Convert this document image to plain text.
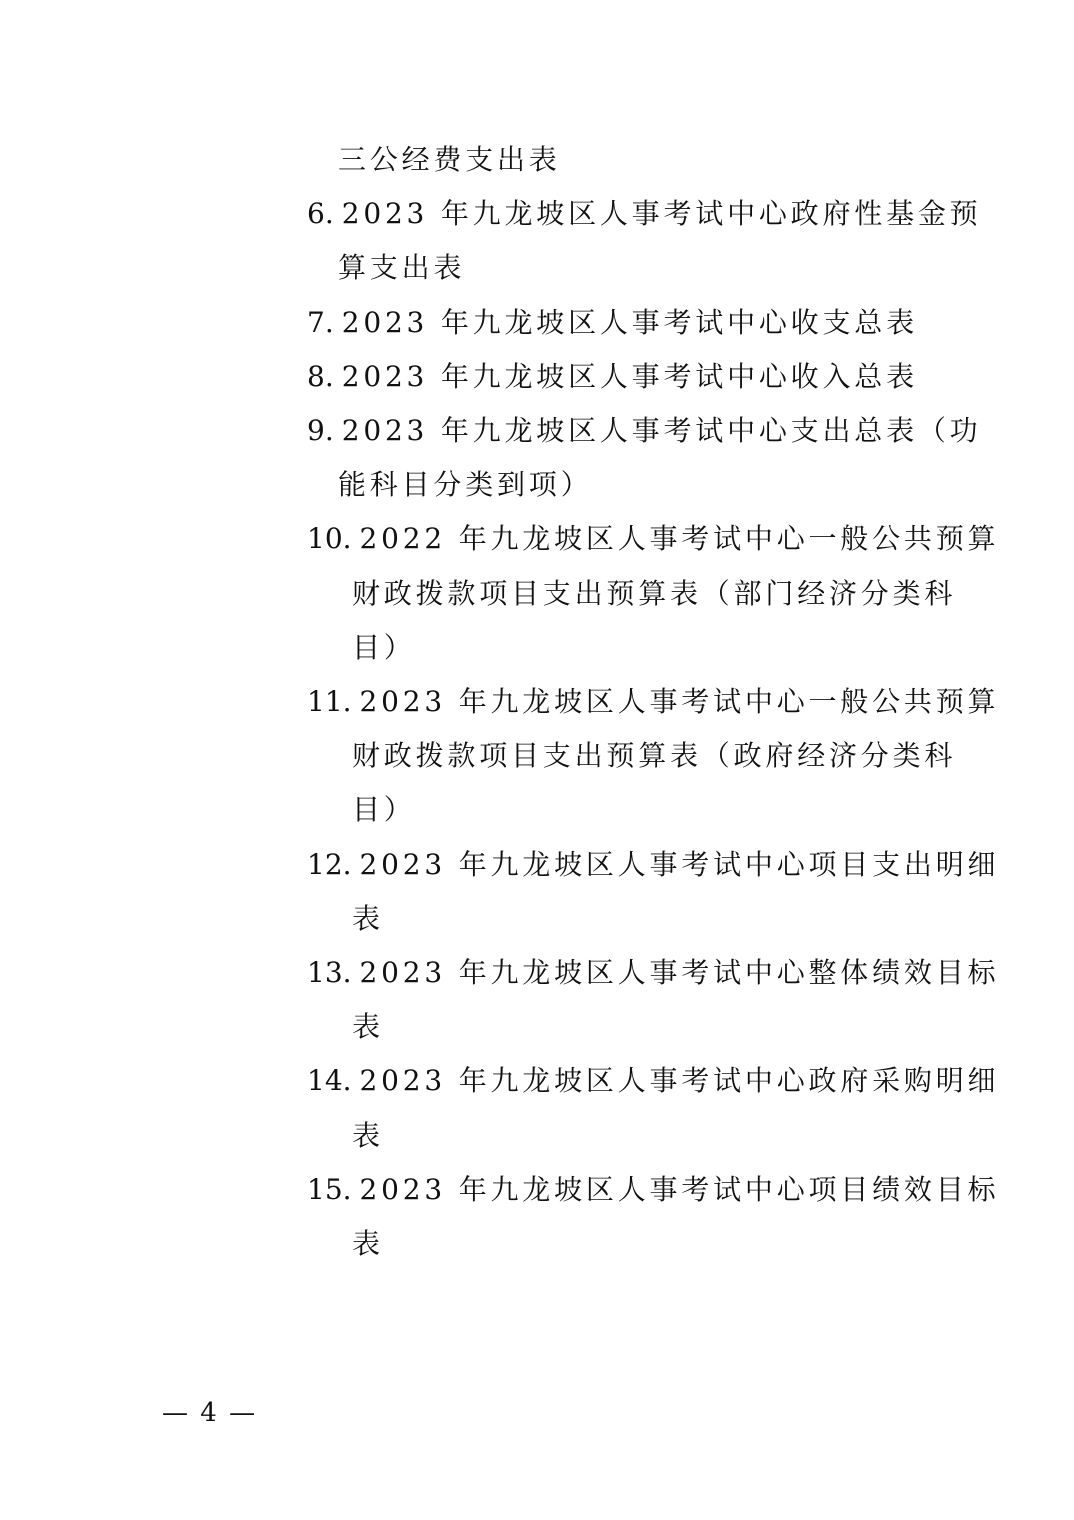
三公经费支出表
6. 2023 年九龙坡区人事考试中心政府性基金预
算支出表
7. 2023 年九龙坡区人事考试中心收支总表
8. 2023 年九龙坡区人事考试中心收入总表
9. 2023 年九龙坡区人事考试中心支出总表（功
能科目分类到项）
10. 2022 年九龙坡区人事考试中心一般公共预算
财政拨款项目支出预算表（部门经济分类科
目）
11. 2023 年九龙坡区人事考试中心一般公共预算
财政拨款项目支出预算表（政府经济分类科
目）
12. 2023 年九龙坡区人事考试中心项目支出明细
表
13. 2023 年九龙坡区人事考试中心整体绩效目标
表
14. 2023 年九龙坡区人事考试中心政府采购明细
表
15. 2023 年九龙坡区人事考试中心项目绩效目标
表
— 4 —
